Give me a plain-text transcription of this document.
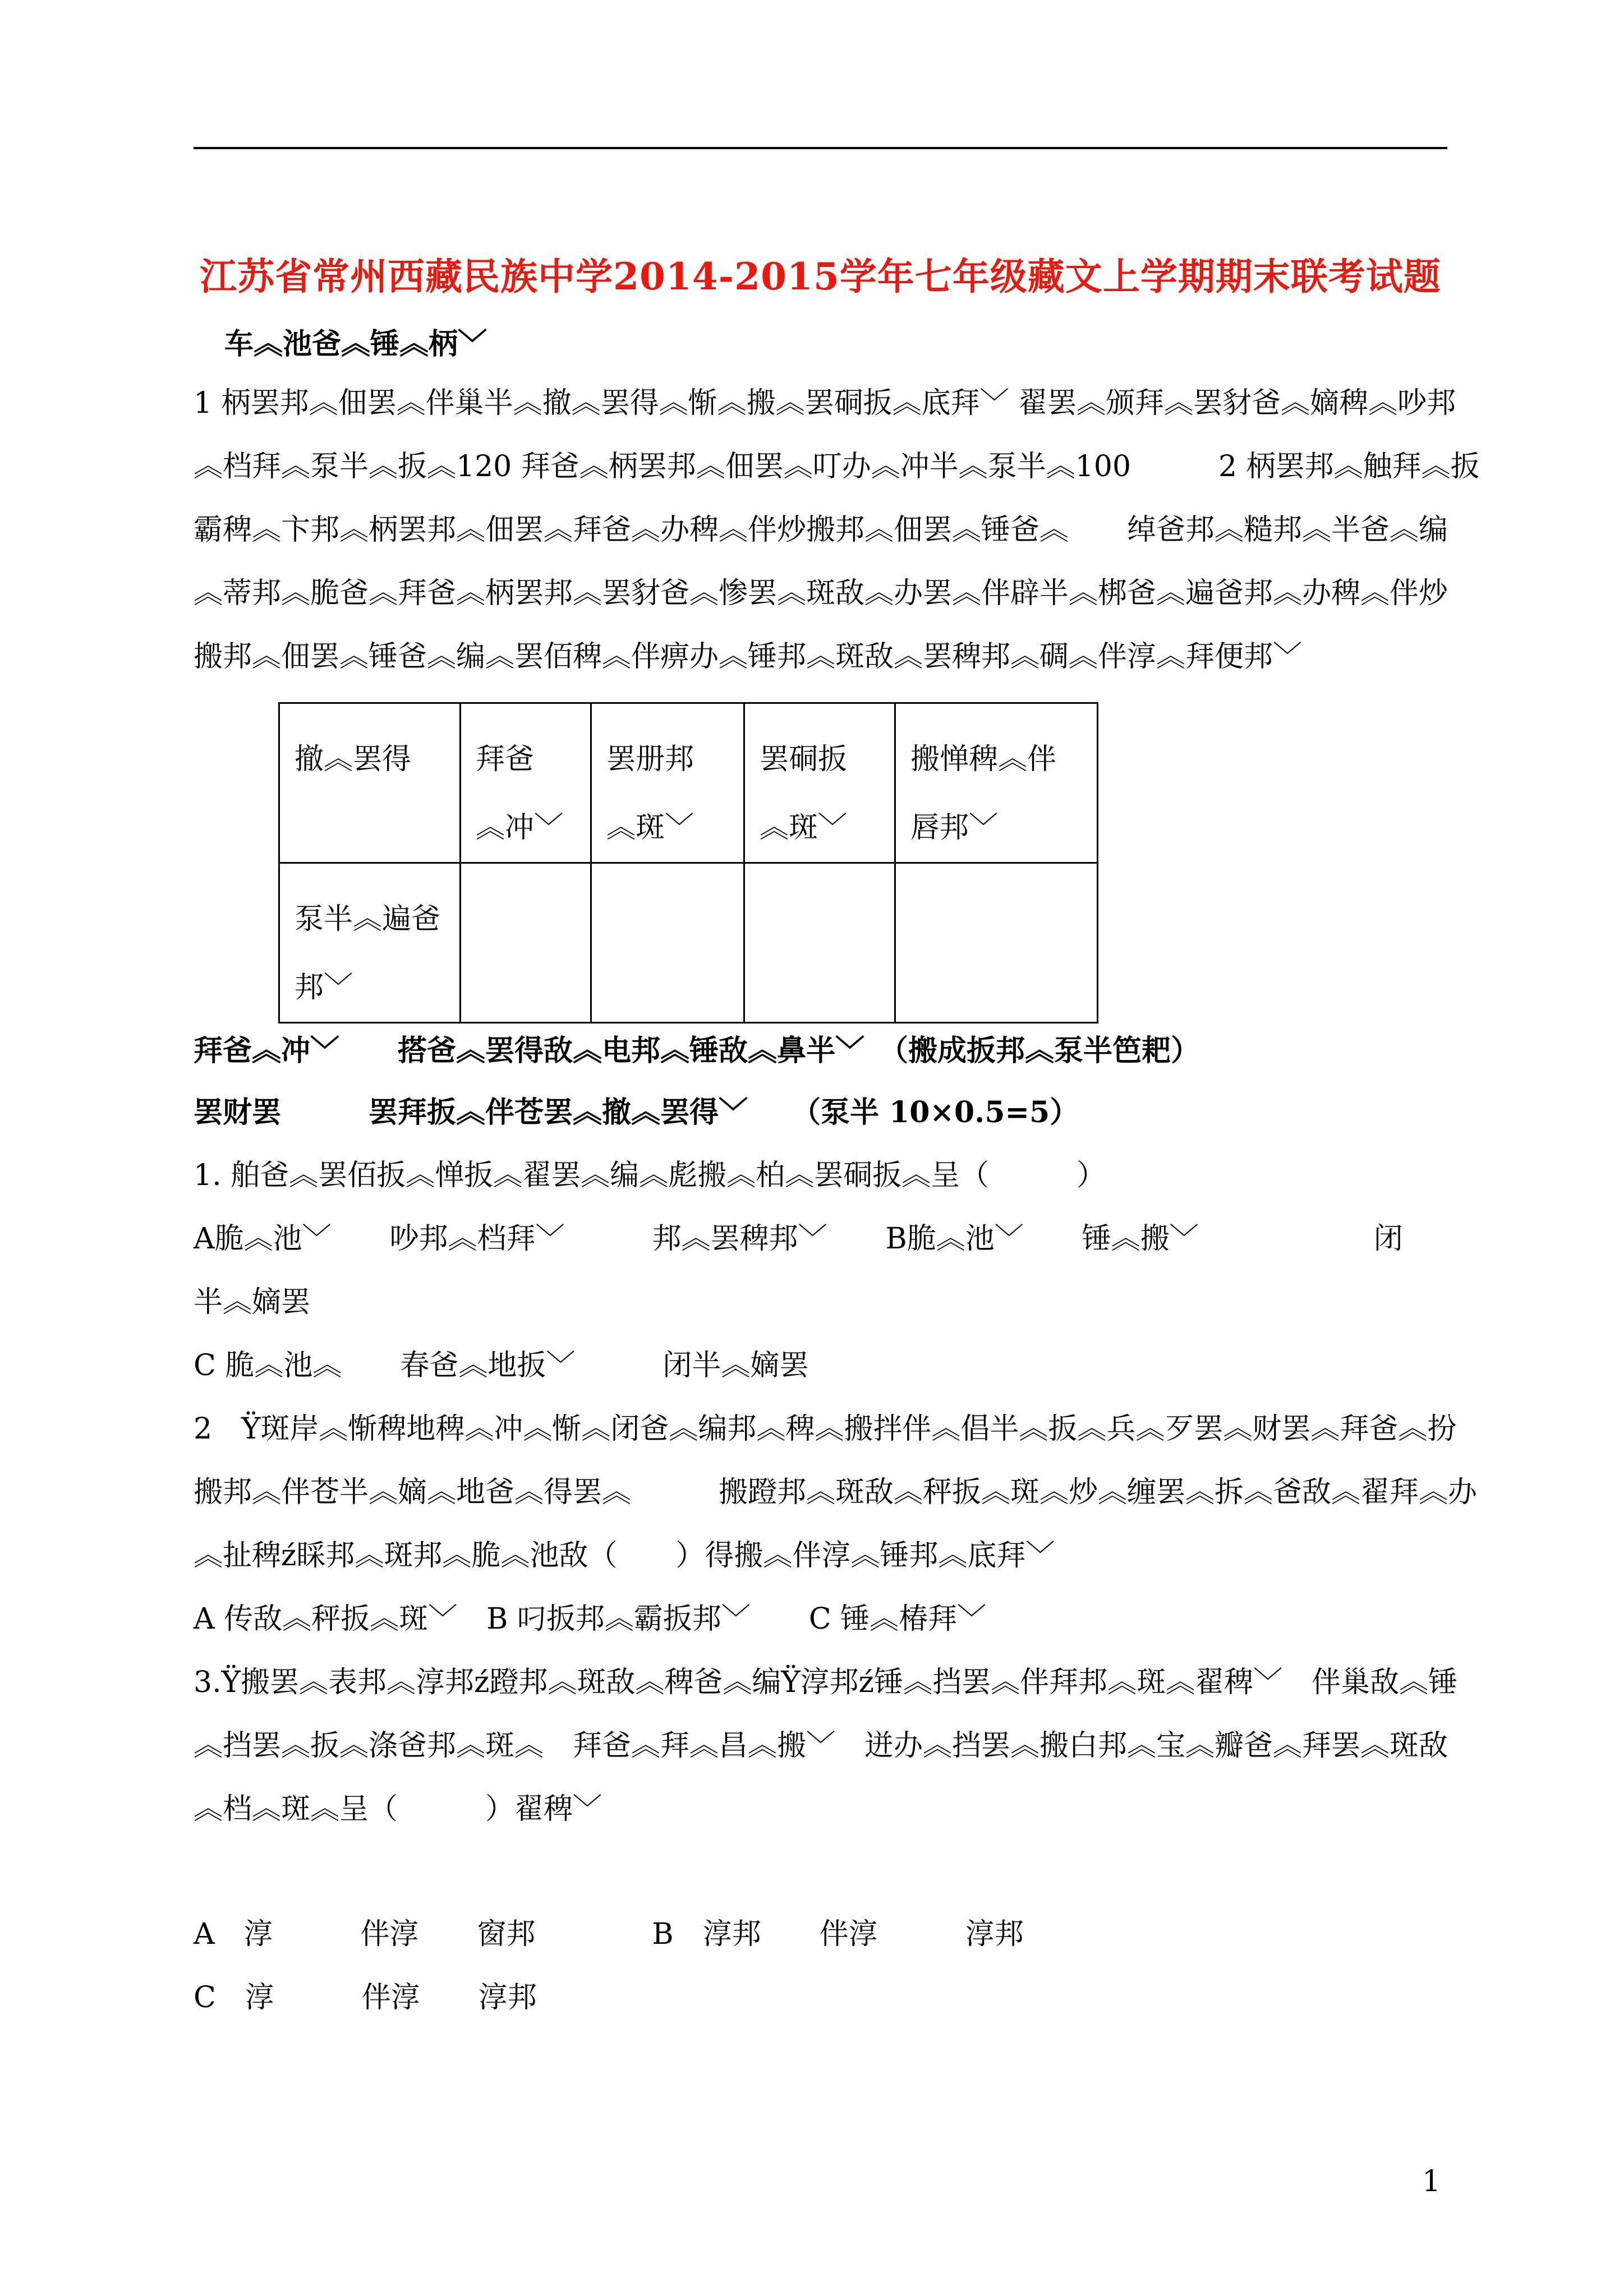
江苏省常州西藏民族中学2014-2015学年七年级藏文上学期期末联考试题
车︽池爸︽锤︽柄﹀
1 柄罢邦︽佃罢︽伴巢半︽撤︽罢得︽惭︽搬︽罢硐扳︽底拜﹀ 翟罢︽颁拜︽罢豺爸︽嫡稗︽吵邦
︽档拜︽泵半︽扳︽120 拜爸︽柄罢邦︽佃罢︽叮办︽冲半︽泵半︽100　　　2 柄罢邦︽触拜︽扳
霸稗︽卞邦︽柄罢邦︽佃罢︽拜爸︽办稗︽伴炒搬邦︽佃罢︽锤爸︽　　绰爸邦︽糙邦︽半爸︽编
︽蒂邦︽脆爸︽拜爸︽柄罢邦︽罢豺爸︽惨罢︽斑敌︽办罢︽伴辟半︽梆爸︽遍爸邦︽办稗︽伴炒
搬邦︽佃罢︽锤爸︽编︽罢佰稗︽伴痹办︽锤邦︽斑敌︽罢稗邦︽碉︽伴淳︽拜便邦﹀
撤︽罢得	拜爸︽冲﹀	罢册邦︽斑﹀	罢硐扳︽斑﹀	搬惮稗︽伴唇邦﹀
泵半︽遍爸邦﹀				
拜爸︽冲﹀　　搭爸︽罢得敌︽电邦︽锤敌︽鼻半﹀　（搬成扳邦︽泵半笆耙）
罢财罢　　　罢拜扳︽伴苍罢︽撤︽罢得﹀　　（泵半 10×0.5=5）
1. 舶爸︽罢佰扳︽惮扳︽翟罢︽编︽彪搬︽柏︽罢硐扳︽呈（　　　）
A脆︽池﹀　　吵邦︽档拜﹀　　　邦︽罢稗邦﹀　　B脆︽池﹀　　锤︽搬﹀　　　　　　闭
半︽嫡罢
C 脆︽池︽　　春爸︽地扳﹀　　　闭半︽嫡罢
2　Ÿ斑岸︽惭稗地稗︽冲︽惭︽闭爸︽编邦︽稗︽搬拌伴︽倡半︽扳︽兵︽歹罢︽财罢︽拜爸︽扮
搬邦︽伴苍半︽嫡︽地爸︽得罢︽　　　搬蹬邦︽斑敌︽秤扳︽斑︽炒︽缠罢︽拆︽爸敌︽翟拜︽办
︽扯稗ź睬邦︽斑邦︽脆︽池敌（　　）得搬︽伴淳︽锤邦︽底拜﹀
A 传敌︽秤扳︽斑﹀　B 叼扳邦︽霸扳邦﹀　　C 锤︽椿拜﹀
3.Ÿ搬罢︽表邦︽淳邦ź蹬邦︽斑敌︽稗爸︽编Ÿ淳邦ź锤︽挡罢︽伴拜邦︽斑︽翟稗﹀　伴巢敌︽锤
︽挡罢︽扳︽涤爸邦︽斑︽　拜爸︽拜︽昌︽搬﹀　迸办︽挡罢︽搬白邦︽宝︽瓣爸︽拜罢︽斑敌
︽档︽斑︽呈（　　　）翟稗﹀
A　淳　　　伴淳　　窗邦　　　　B　淳邦　　伴淳　　　淳邦
C　淳　　　伴淳　　淳邦
1
